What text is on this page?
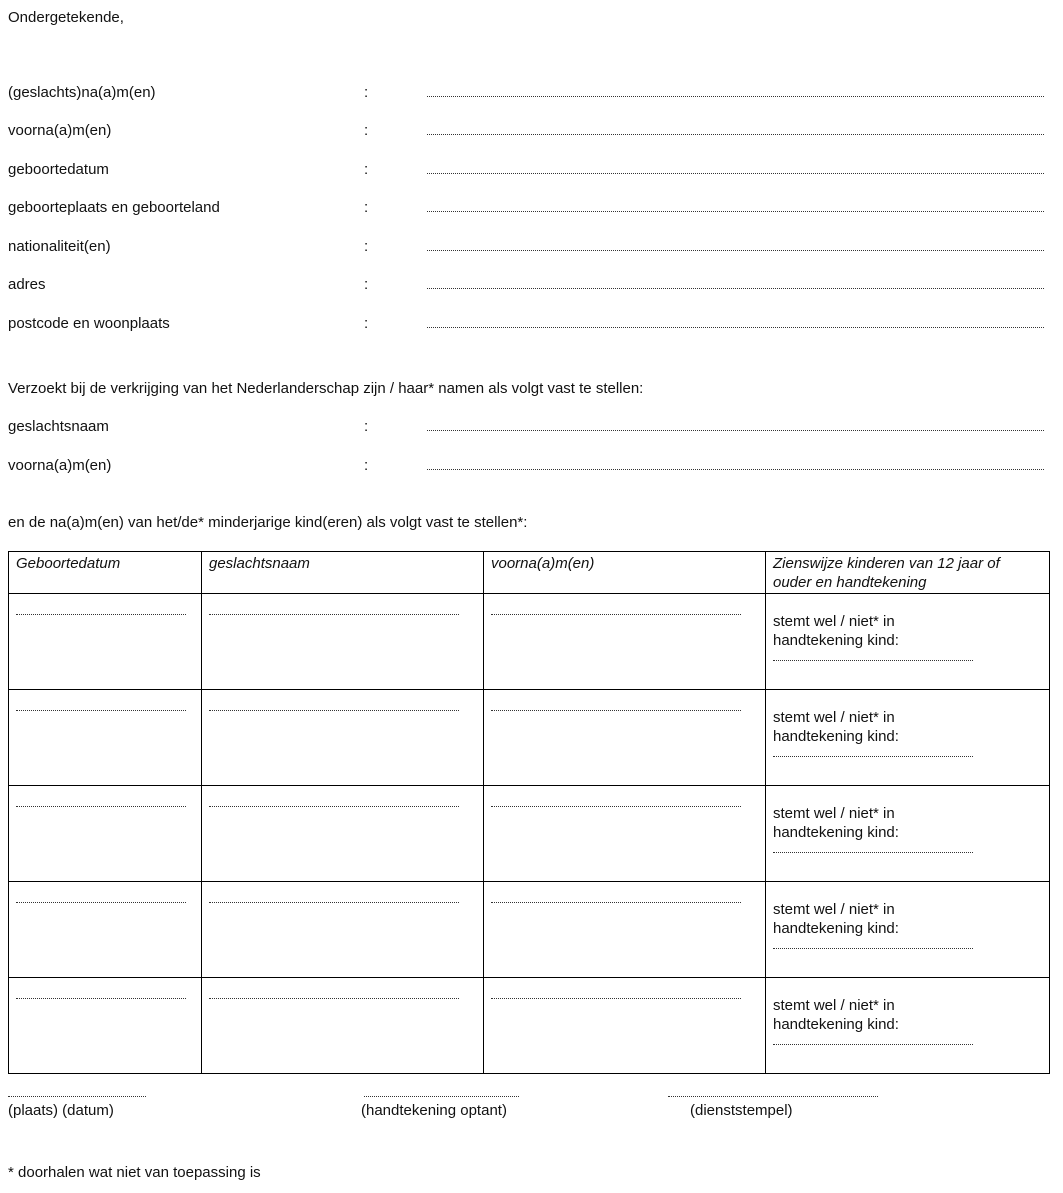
Ondergetekende,
(geslachts)na(a)m(en)	:
voorna(a)m(en)	:
geboortedatum	:
geboorteplaats en geboorteland	:
nationaliteit(en)	:
adres	:
postcode en woonplaats	:
Verzoekt bij de verkrijging van het Nederlanderschap zijn / haar* namen als volgt vast te stellen:
geslachtsnaam	:
voorna(a)m(en)	:
en de na(a)m(en) van het/de* minderjarige kind(eren) als volgt vast te stellen*:
Geboortedatum	geslachtsnaam	voorna(a)m(en)	Zienswijze kinderen van 12 jaar of ouder en handtekening

			stemt wel / niet* in
handtekening kind:

			stemt wel / niet* in
handtekening kind:

			stemt wel / niet* in
handtekening kind:

			stemt wel / niet* in
handtekening kind:

			stemt wel / niet* in
handtekening kind:
(plaats) (datum)	(handtekening optant)	(dienststempel)
* doorhalen wat niet van toepassing is
